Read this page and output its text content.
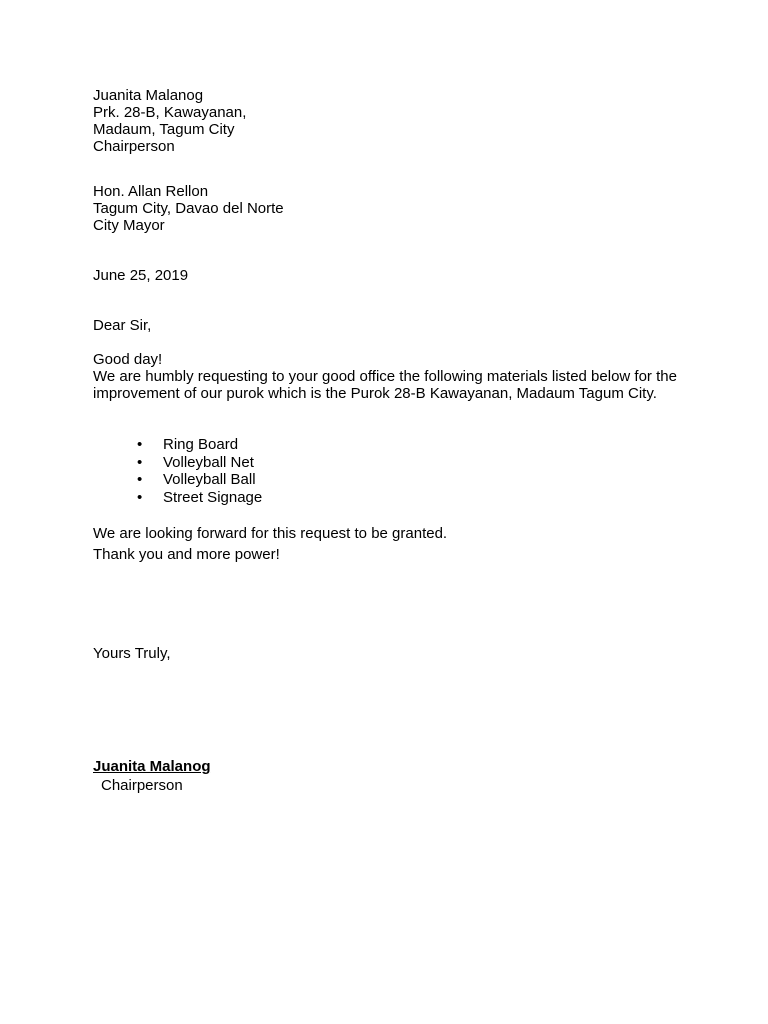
Juanita Malanog
Prk. 28-B, Kawayanan,
Madaum, Tagum City
Chairperson
Hon. Allan Rellon
Tagum City, Davao del Norte
City Mayor
June 25, 2019
Dear Sir,
Good day!
We are humbly requesting to your good office the following materials listed below for the improvement of our purok which is the Purok 28-B Kawayanan, Madaum Tagum City.
• Ring Board
• Volleyball Net
• Volleyball Ball
• Street Signage
We are looking forward for this request to be granted.
Thank you and more power!
Yours Truly,
Juanita Malanog
Chairperson
